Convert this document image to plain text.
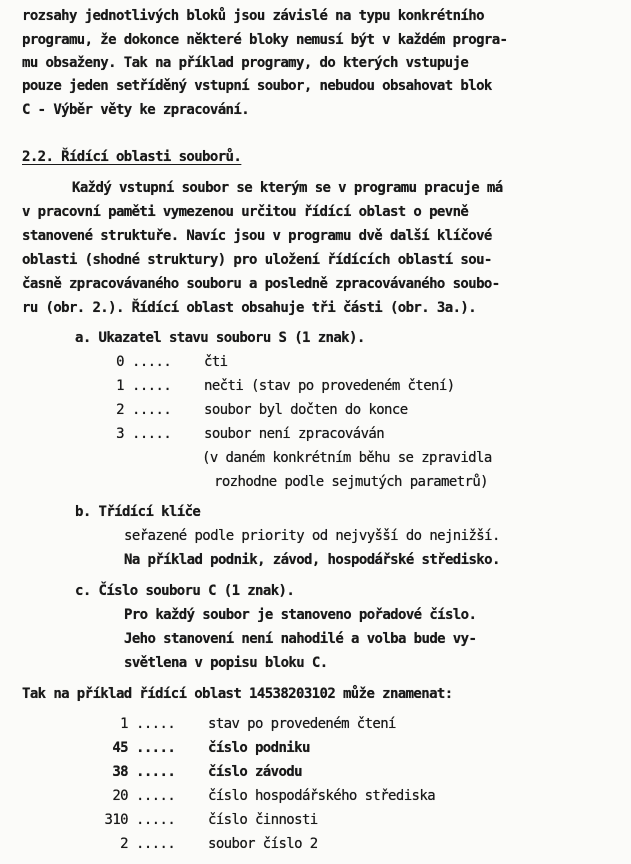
rozsahy jednotlivých bloků jsou závislé na typu konkrétního
programu, že dokonce některé bloky nemusí být v každém progra-
mu obsaženy. Tak na příklad programy, do kterých vstupuje
pouze jeden setříděný vstupní soubor, nebudou obsahovat blok
C - Výběr věty ke zpracování.
2.2. Řídící oblasti souborů.
Každý vstupní soubor se kterým se v programu pracuje má
v pracovní paměti vymezenou určitou řídící oblast o pevně
stanovené struktuře. Navíc jsou v programu dvě další klíčové
oblasti (shodné struktury) pro uložení řídících oblastí sou-
časně zpracovávaného souboru a posledně zpracovávaného soubo-
ru (obr. 2.). Řídící oblast obsahuje tři části (obr. 3a.).
a. Ukazatel stavu souboru S (1 znak).
0 ..... čti
1 ..... nečti (stav po provedeném čtení)
2 ..... soubor byl dočten do konce
3 ..... soubor není zpracováván
(v daném konkrétním běhu se zpravidla
rozhodne podle sejmutých parametrů)
b. Třídící klíče
seřazené podle priority od nejvyšší do nejnižší.
Na příklad podnik, závod, hospodářské středisko.
c. Číslo souboru C (1 znak).
Pro každý soubor je stanoveno pořadové číslo.
Jeho stanovení není nahodilé a volba bude vy-
světlena v popisu bloku C.
Tak na příklad řídící oblast 14538203102 může znamenat:
1 ..... stav po provedeném čtení
45 ..... číslo podniku
38 ..... číslo závodu
20 ..... číslo hospodářského střediska
310 ..... číslo činnosti
2 ..... soubor číslo 2
